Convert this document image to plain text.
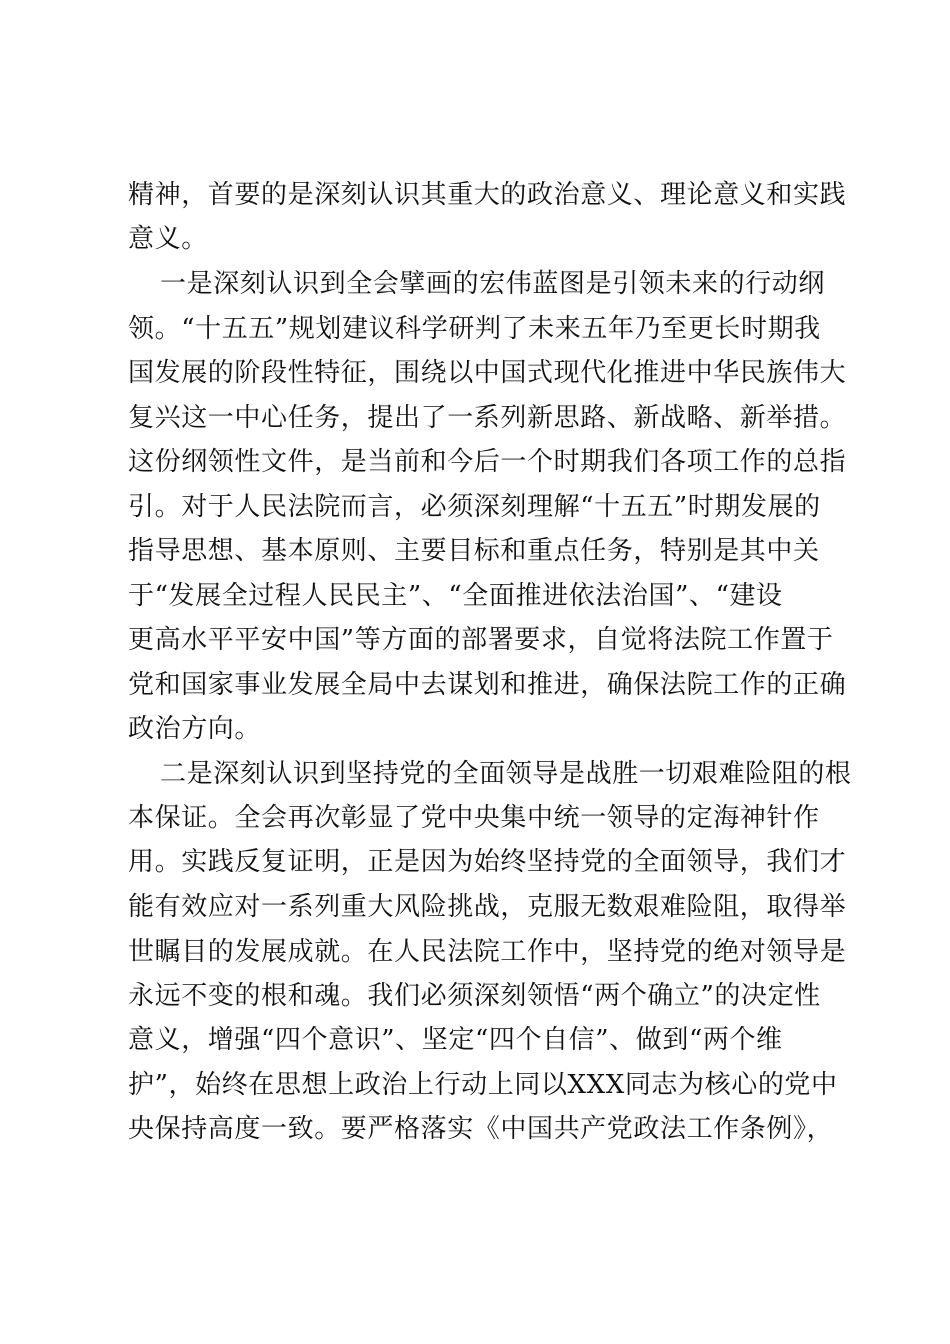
精神，首要的是深刻认识其重大的政治意义、理论意义和实践
意义。
一是深刻认识到全会擘画的宏伟蓝图是引领未来的行动纲
领。“十五五”规划建议科学研判了未来五年乃至更长时期我
国发展的阶段性特征，围绕以中国式现代化推进中华民族伟大
复兴这一中心任务，提出了一系列新思路、新战略、新举措。
这份纲领性文件，是当前和今后一个时期我们各项工作的总指
引。对于人民法院而言，必须深刻理解“十五五”时期发展的
指导思想、基本原则、主要目标和重点任务，特别是其中关
于“发展全过程人民民主”、“全面推进依法治国”、“建设
更高水平平安中国”等方面的部署要求，自觉将法院工作置于
党和国家事业发展全局中去谋划和推进，确保法院工作的正确
政治方向。
二是深刻认识到坚持党的全面领导是战胜一切艰难险阻的根
本保证。全会再次彰显了党中央集中统一领导的定海神针作
用。实践反复证明，正是因为始终坚持党的全面领导，我们才
能有效应对一系列重大风险挑战，克服无数艰难险阻，取得举
世瞩目的发展成就。在人民法院工作中，坚持党的绝对领导是
永远不变的根和魂。我们必须深刻领悟“两个确立”的决定性
意义，增强“四个意识”、坚定“四个自信”、做到“两个维
护”，始终在思想上政治上行动上同以XXX同志为核心的党中
央保持高度一致。要严格落实《中国共产党政法工作条例》，
